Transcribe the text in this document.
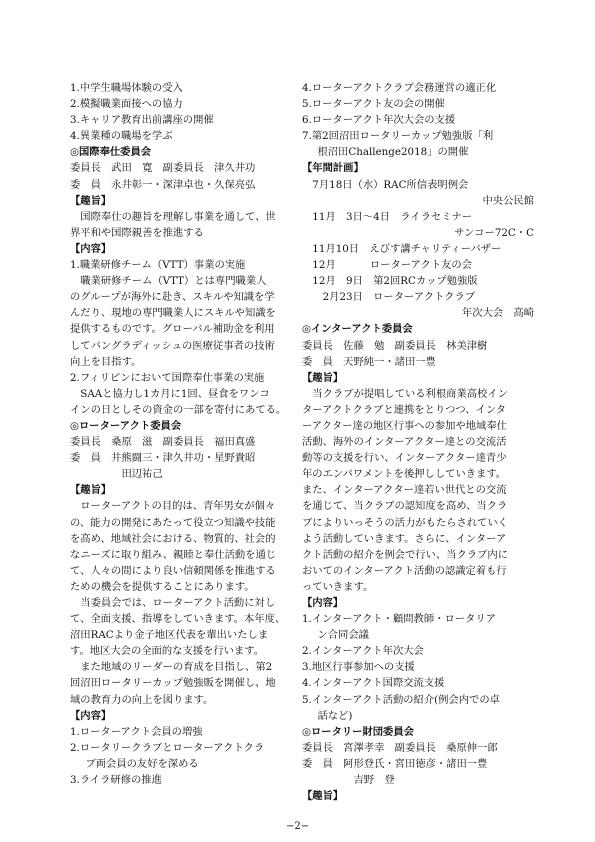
1.中学生職場体験の受入
2.模擬職業面接への協力
3.キャリア教育出前講座の開催
4.異業種の職場を学ぶ
◎国際奉仕委員会
委員長　武田　寛　副委員長　津久井功
委　員　永井彰一・深津卓也・久保亮弘
【趣旨】
国際奉仕の趣旨を理解し事業を通して、世
界平和や国際親善を推進する
【内容】
1.職業研修チーム（VTT）事業の実施
職業研修チーム（VTT）とは専門職業人
のグループが海外に赴き、スキルや知識を学
んだり、現地の専門職業人にスキルや知識を
提供するものです。グローバル補助金を利用
してバングラディッシュの医療従事者の技術
向上を目指す。
2.フィリピンにおいて国際奉仕事業の実施
SAAと協力し1カ月に1回、昼食をワンコ
インの日としその資金の一部を寄付にあてる。
◎ローターアクト委員会
委員長　桑原　滋　副委員長　福田真盛
委　員　井熊闘三・津久井功・星野貴昭
田辺祐己
【趣旨】
ローターアクトの目的は、青年男女が個々
の、能力の開発にあたって役立つ知識や技能
を高め、地域社会における、物質的、社会的
なニーズに取り組み、親睦と奉仕活動を通じ
て、人々の間により良い信頼関係を推進する
ための機会を提供することにあります。
当委員会では、ローターアクト活動に対し
て、全面支援、指導をしていきます。本年度、
沼田RACより金子地区代表を輩出いたしま
す。地区大会の全面的な支援を行います。
また地域のリーダーの育成を目指し、第2
回沼田ロータリーカップ勉強販を開催し、地
域の教育力の向上を図ります。
【内容】
1.ローターアクト会員の増強
2.ロータリークラブとローターアクトクラ
ブ両会員の友好を深める
3.ライラ研修の推進
4.ローターアクトクラブ会務運営の適正化
5.ローターアクト友の会の開催
6.ローターアクト年次大会の支援
7.第2回沼田ロータリーカップ勉強版「利
根沼田Challenge2018」の開催
【年間計画】
7月18日（水）RAC所信表明例会
中央公民館
11月　3日～4日　ライラセミナー
サンコー72C・C
11月10日　えびす講チャリティーバザー
12月　　　 ローターアクト友の会
12月　9日　第2回RCカップ勉強版
2月23日　ローターアクトクラブ
年次大会　高崎
◎インターアクト委員会
委員長　佐藤　勉　副委員長　林美津樹
委　員　天野純一・諸田一豊
【趣旨】
当クラブが提唱している利根商業高校イン
ターアクトクラブと連携をとりつつ、インタ
ーアクター達の地区行事への参加や地域奉仕
活動、海外のインターアクター達との交流活
動等の支援を行い、インターアクター達青少
年のエンパワメントを後押ししていきます。
また、インターアクター達若い世代との交流
を通じて、当クラブの認知度を高め、当クラ
ブによりいっそうの活力がもたらされていく
よう活動していきます。さらに、インターア
クト活動の紹介を例会で行い、当クラブ内に
おいてのインターアクト活動の認識定着も行
っていきます。
【内容】
1.インターアクト・顧問教師・ロータリア
ン合同会議
2.インターアクト年次大会
3.地区行事参加への支援
4.インターアクト国際交流支援
5.インターアクト活動の紹介(例会内での卓
話など)
◎ロータリー財団委員会
委員長　宮澤孝幸　副委員長　桑原伸一郎
委　員　阿形登氏・宮田徳彦・諸田一豊
吉野　登
【趣旨】
−2−
